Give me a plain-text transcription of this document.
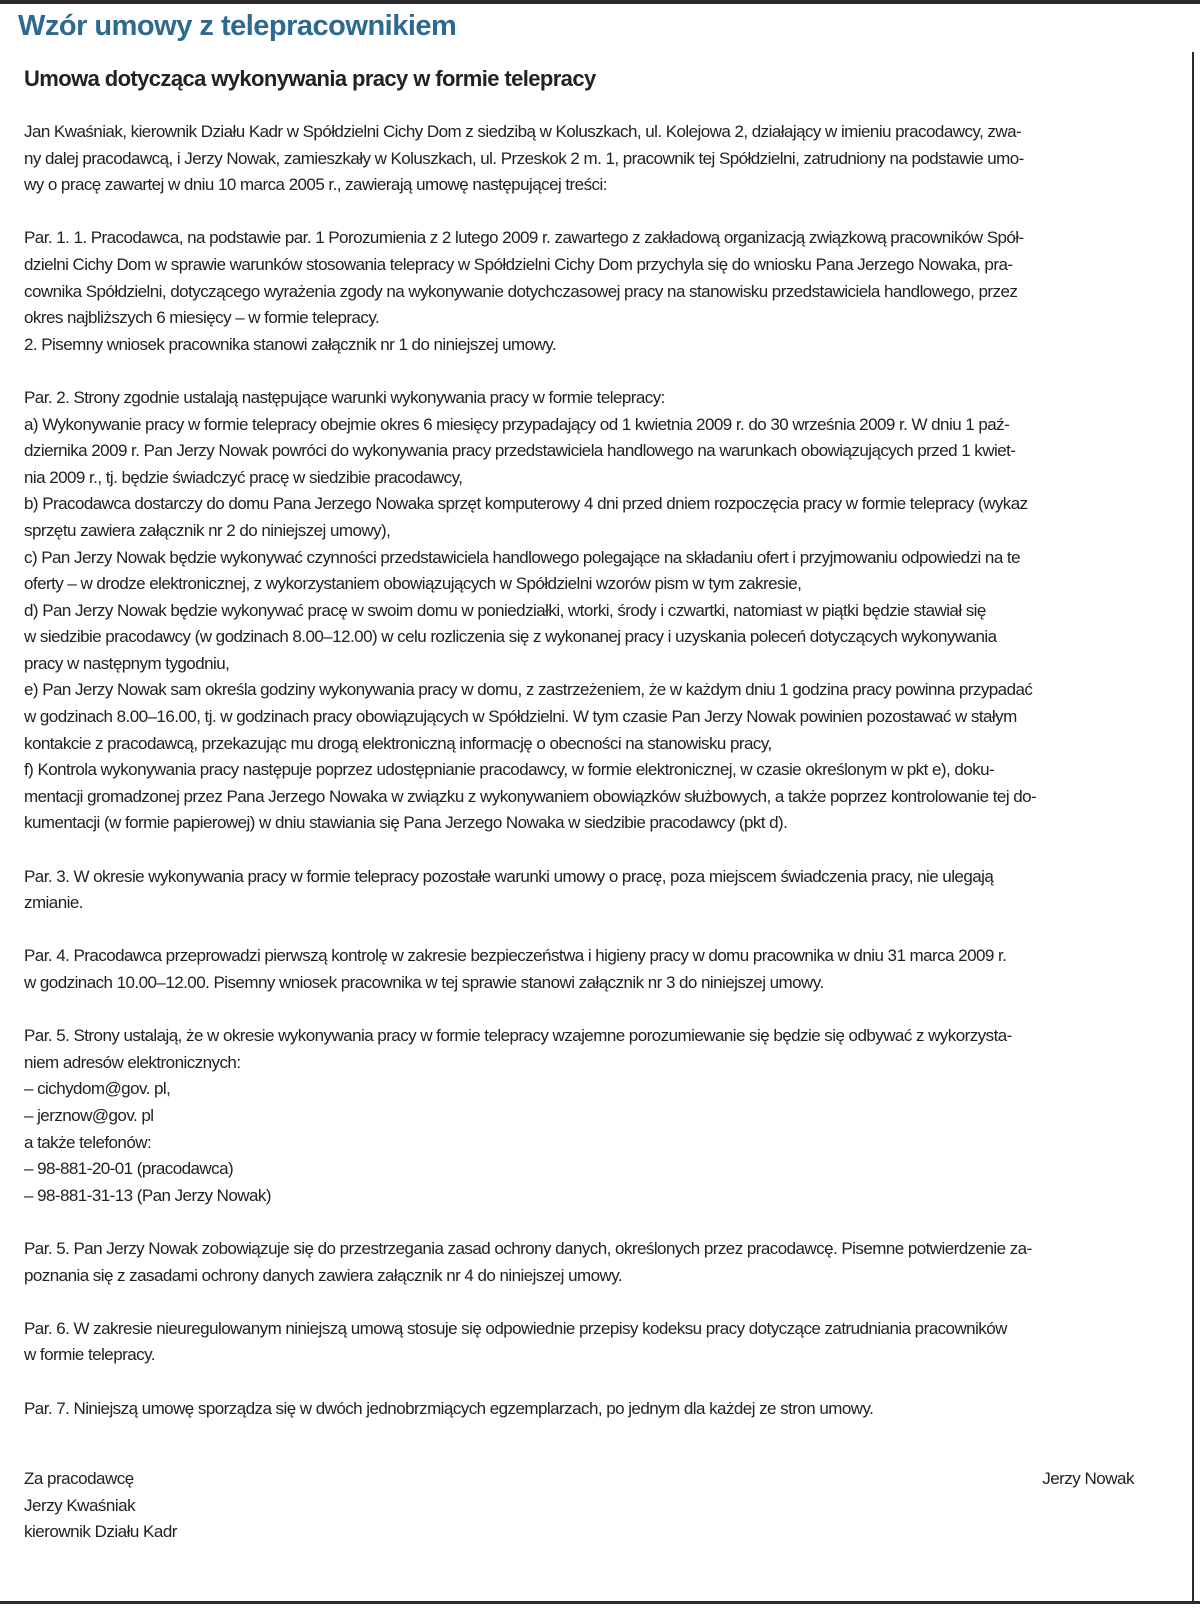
Wzór umowy z telepracownikiem
Umowa dotycząca wykonywania pracy w formie telepracy

Jan Kwaśniak, kierownik Działu Kadr w Spółdzielni Cichy Dom z siedzibą w Koluszkach, ul. Kolejowa 2, działający w imieniu pracodawcy, zwa-
ny dalej pracodawcą, i Jerzy Nowak, zamieszkały w Koluszkach, ul. Przeskok 2 m. 1, pracownik tej Spółdzielni, zatrudniony na podstawie umo-
wy o pracę zawartej w dniu 10 marca 2005 r., zawierają umowę następującej treści:

Par. 1. 1. Pracodawca, na podstawie par. 1 Porozumienia z 2 lutego 2009 r. zawartego z zakładową organizacją związkową pracowników Spół-
dzielni Cichy Dom w sprawie warunków stosowania telepracy w Spółdzielni Cichy Dom przychyla się do wniosku Pana Jerzego Nowaka, pra-
cownika Spółdzielni, dotyczącego wyrażenia zgody na wykonywanie dotychczasowej pracy na stanowisku przedstawiciela handlowego, przez
okres najbliższych 6 miesięcy – w formie telepracy.
2. Pisemny wniosek pracownika stanowi załącznik nr 1 do niniejszej umowy.

Par. 2. Strony zgodnie ustalają następujące warunki wykonywania pracy w formie telepracy:
a) Wykonywanie pracy w formie telepracy obejmie okres 6 miesięcy przypadający od 1 kwietnia 2009 r. do 30 września 2009 r. W dniu 1 paź-
dziernika 2009 r. Pan Jerzy Nowak powróci do wykonywania pracy przedstawiciela handlowego na warunkach obowiązujących przed 1 kwiet-
nia 2009 r., tj. będzie świadczyć pracę w siedzibie pracodawcy,
b) Pracodawca dostarczy do domu Pana Jerzego Nowaka sprzęt komputerowy 4 dni przed dniem rozpoczęcia pracy w formie telepracy (wykaz
sprzętu zawiera załącznik nr 2 do niniejszej umowy),
c) Pan Jerzy Nowak będzie wykonywać czynności przedstawiciela handlowego polegające na składaniu ofert i przyjmowaniu odpowiedzi na te
oferty – w drodze elektronicznej, z wykorzystaniem obowiązujących w Spółdzielni wzorów pism w tym zakresie,
d) Pan Jerzy Nowak będzie wykonywać pracę w swoim domu w poniedziałki, wtorki, środy i czwartki, natomiast w piątki będzie stawiał się
w siedzibie pracodawcy (w godzinach 8.00–12.00) w celu rozliczenia się z wykonanej pracy i uzyskania poleceń dotyczących wykonywania
pracy w następnym tygodniu,
e) Pan Jerzy Nowak sam określa godziny wykonywania pracy w domu, z zastrzeżeniem, że w każdym dniu 1 godzina pracy powinna przypadać
w godzinach 8.00–16.00, tj. w godzinach pracy obowiązujących w Spółdzielni. W tym czasie Pan Jerzy Nowak powinien pozostawać w stałym
kontakcie z pracodawcą, przekazując mu drogą elektroniczną informację o obecności na stanowisku pracy,
f) Kontrola wykonywania pracy następuje poprzez udostępnianie pracodawcy, w formie elektronicznej, w czasie określonym w pkt e), doku-
mentacji gromadzonej przez Pana Jerzego Nowaka w związku z wykonywaniem obowiązków służbowych, a także poprzez kontrolowanie tej do-
kumentacji (w formie papierowej) w dniu stawiania się Pana Jerzego Nowaka w siedzibie pracodawcy (pkt d).

Par. 3. W okresie wykonywania pracy w formie telepracy pozostałe warunki umowy o pracę, poza miejscem świadczenia pracy, nie ulegają
zmianie.

Par. 4. Pracodawca przeprowadzi pierwszą kontrolę w zakresie bezpieczeństwa i higieny pracy w domu pracownika w dniu 31 marca 2009 r.
w godzinach 10.00–12.00. Pisemny wniosek pracownika w tej sprawie stanowi załącznik nr 3 do niniejszej umowy.

Par. 5. Strony ustalają, że w okresie wykonywania pracy w formie telepracy wzajemne porozumiewanie się będzie się odbywać z wykorzysta-
niem adresów elektronicznych:
– cichydom@gov. pl,
– jerznow@gov. pl
a także telefonów:
– 98-881-20-01 (pracodawca)
– 98-881-31-13 (Pan Jerzy Nowak)

Par. 5. Pan Jerzy Nowak zobowiązuje się do przestrzegania zasad ochrony danych, określonych przez pracodawcę. Pisemne potwierdzenie za-
poznania się z zasadami ochrony danych zawiera załącznik nr 4 do niniejszej umowy.

Par. 6. W zakresie nieuregulowanym niniejszą umową stosuje się odpowiednie przepisy kodeksu pracy dotyczące zatrudniania pracowników
w formie telepracy.

Par. 7. Niniejszą umowę sporządza się w dwóch jednobrzmiących egzemplarzach, po jednym dla każdej ze stron umowy.

Za pracodawcę
Jerzy Kwaśniak
kierownik Działu Kadr
Jerzy Nowak
